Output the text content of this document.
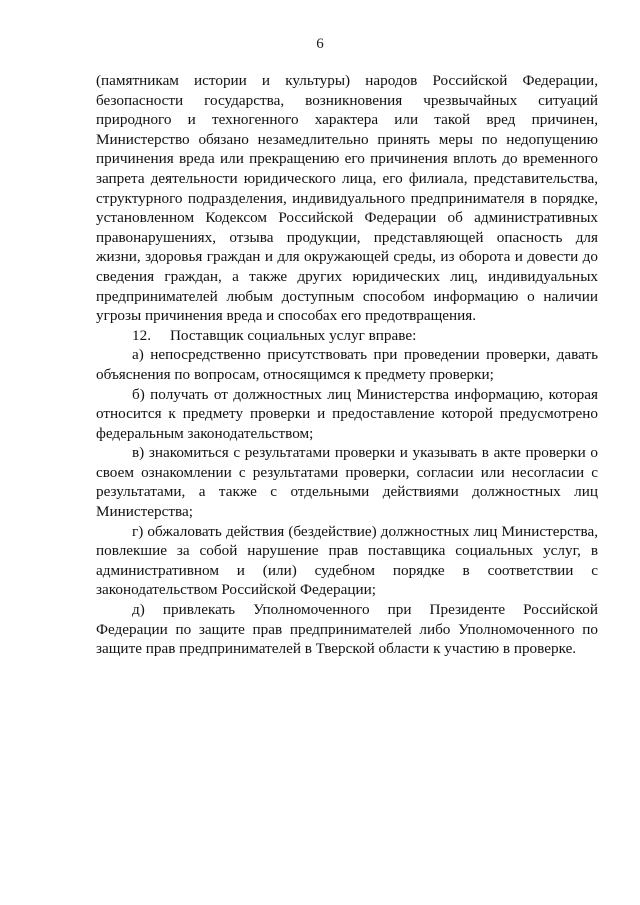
6

(памятникам истории и культуры) народов Российской Федерации, безопасности государства, возникновения чрезвычайных ситуаций природного и техногенного характера или такой вред причинен, Министерство обязано незамедлительно принять меры по недопущению причинения вреда или прекращению его причинения вплоть до временного запрета деятельности юридического лица, его филиала, представительства, структурного подразделения, индивидуального предпринимателя в порядке, установленном Кодексом Российской Федерации об административных правонарушениях, отзыва продукции, представляющей опасность для жизни, здоровья граждан и для окружающей среды, из оборота и довести до сведения граждан, а также других юридических лиц, индивидуальных предпринимателей любым доступным способом информацию о наличии угрозы причинения вреда и способах его предотвращения.

12.     Поставщик социальных услуг вправе:

а) непосредственно присутствовать при проведении проверки, давать объяснения по вопросам, относящимся к предмету проверки;

б) получать от должностных лиц Министерства информацию, которая относится к предмету проверки и предоставление которой предусмотрено федеральным законодательством;

в) знакомиться с результатами проверки и указывать в акте проверки о своем ознакомлении с результатами проверки, согласии или несогласии с результатами, а также с отдельными действиями должностных лиц Министерства;

г) обжаловать действия (бездействие) должностных лиц Министерства, повлекшие за собой нарушение прав поставщика социальных услуг, в административном и (или) судебном порядке в соответствии с законодательством Российской Федерации;

д) привлекать Уполномоченного при Президенте Российской Федерации по защите прав предпринимателей либо Уполномоченного по защите прав предпринимателей в Тверской области к участию в проверке.
